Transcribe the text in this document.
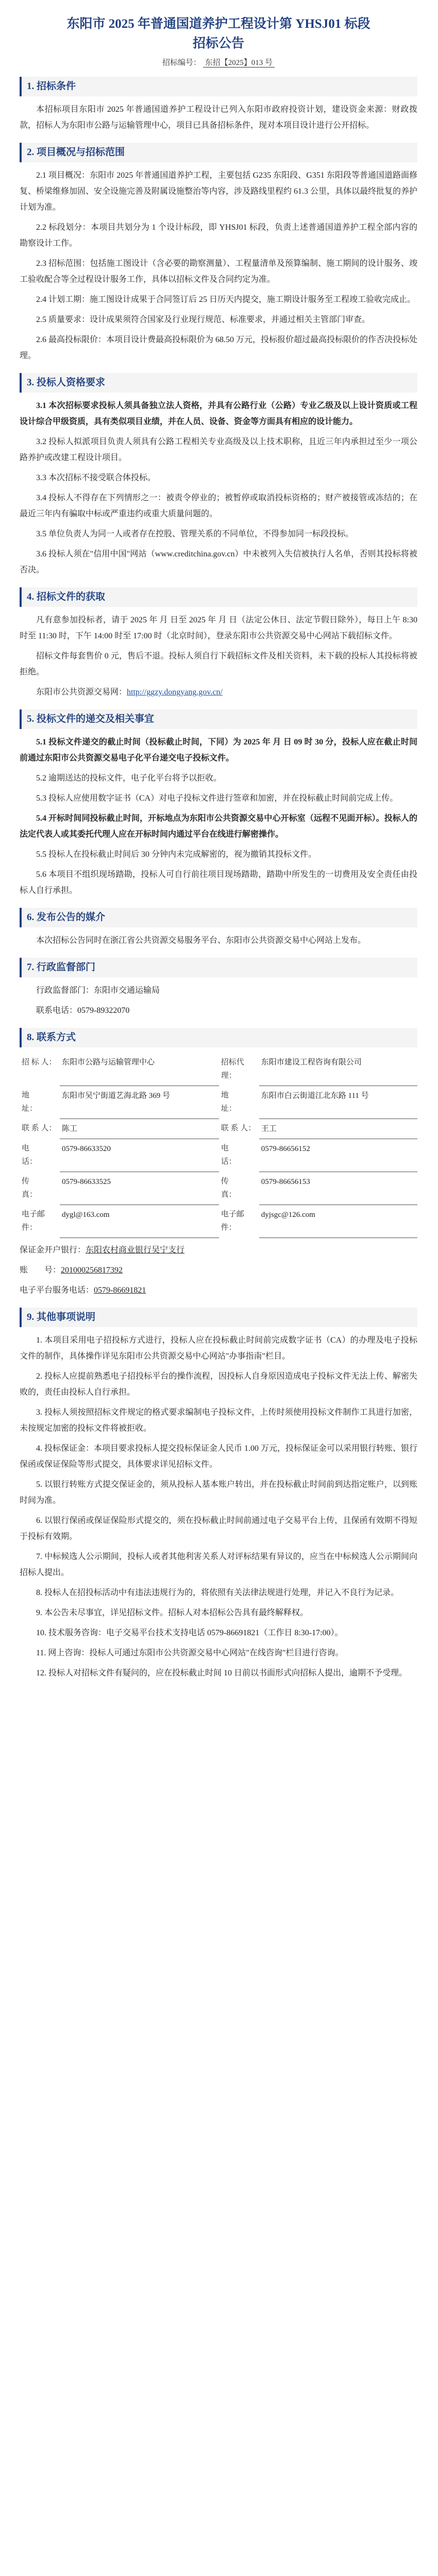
东阳市 2025 年普通国道养护工程设计第 YHSJ01 标段
招标公告
招标编号： 东招【2025】013 号
1. 招标条件

本招标项目东阳市 2025 年普通国道养护工程设计已列入东阳市政府投资计划，建设资金来源：财政拨款，招标人为东阳市公路与运输管理中心，项目已具备招标条件，现对本项目设计进行公开招标。

2. 项目概况与招标范围

2.1 项目概况：东阳市 2025 年普通国道养护工程，主要包括 G235 东阳段、G351 东阳段等普通国道路面修复、桥梁维修加固、安全设施完善及附属设施整治等内容，涉及路线里程约 61.3 公里，具体以最终批复的养护计划为准。

2.2 标段划分：本项目共划分为 1 个设计标段，即 YHSJ01 标段，负责上述普通国道养护工程全部内容的勘察设计工作。

2.3 招标范围：包括施工图设计（含必要的勘察测量）、工程量清单及预算编制、施工期间的设计服务、竣工验收配合等全过程设计服务工作，具体以招标文件及合同约定为准。

2.4 计划工期：施工图设计成果于合同签订后 25 日历天内提交，施工期设计服务至工程竣工验收完成止。

2.5 质量要求：设计成果须符合国家及行业现行规范、标准要求，并通过相关主管部门审查。

2.6 最高投标限价：本项目设计费最高投标限价为 68.50 万元，投标报价超过最高投标限价的作否决投标处理。

3. 投标人资格要求

3.1 本次招标要求投标人须具备独立法人资格，并具有公路行业（公路）专业乙级及以上设计资质或工程设计综合甲级资质，具有类似项目业绩，并在人员、设备、资金等方面具有相应的设计能力。

3.2 投标人拟派项目负责人须具有公路工程相关专业高级及以上技术职称，且近三年内承担过至少一项公路养护或改建工程设计项目。

3.3 本次招标不接受联合体投标。

3.4 投标人不得存在下列情形之一：被责令停业的；被暂停或取消投标资格的；财产被接管或冻结的；在最近三年内有骗取中标或严重违约或重大质量问题的。

3.5 单位负责人为同一人或者存在控股、管理关系的不同单位，不得参加同一标段投标。

3.6 投标人须在"信用中国"网站（www.creditchina.gov.cn）中未被列入失信被执行人名单，否则其投标将被否决。

4. 招标文件的获取

凡有意参加投标者，请于 2025 年 月 日至 2025 年 月 日（法定公休日、法定节假日除外），每日上午 8:30 时至 11:30 时，下午 14:00 时至 17:00 时（北京时间），登录东阳市公共资源交易中心网站下载招标文件。

招标文件每套售价 0 元，售后不退。投标人须自行下载招标文件及相关资料，未下载的投标人其投标将被拒绝。

东阳市公共资源交易网：http://ggzy.dongyang.gov.cn/

5. 投标文件的递交及相关事宜

5.1 投标文件递交的截止时间（投标截止时间，下同）为 2025 年 月 日 09 时 30 分，投标人应在截止时间前通过东阳市公共资源交易电子化平台递交电子投标文件。

5.2 逾期送达的投标文件，电子化平台将予以拒收。

5.3 投标人应使用数字证书（CA）对电子投标文件进行签章和加密，并在投标截止时间前完成上传。

5.4 开标时间同投标截止时间，开标地点为东阳市公共资源交易中心开标室（远程不见面开标）。投标人的法定代表人或其委托代理人应在开标时间内通过平台在线进行解密操作。

5.5 投标人在投标截止时间后 30 分钟内未完成解密的，视为撤销其投标文件。

5.6 本项目不组织现场踏勘，投标人可自行前往项目现场踏勘，踏勘中所发生的一切费用及安全责任由投标人自行承担。

6. 发布公告的媒介

本次招标公告同时在浙江省公共资源交易服务平台、东阳市公共资源交易中心网站上发布。

7. 行政监督部门

行政监督部门：东阳市交通运输局

联系电话：0579-89322070

8. 联系方式
招 标 人：	东阳市公路与运输管理中心	招标代理：	东阳市建设工程咨询有限公司
地　　址：	东阳市吴宁街道艺海北路 369 号	地　　址：	东阳市白云街道江北东路 111 号
联 系 人：	陈工	联 系 人：	王工
电　　话：	0579-86633520	电　　话：	0579-86656152
传　　真：	0579-86633525	传　　真：	0579-86656153
电子邮件：	dygl@163.com	电子邮件：	dyjsgc@126.com

保证金开户银行：东阳农村商业银行吴宁支行

账　　号：201000256817392

电子平台服务电话：0579-86691821

9. 其他事项说明

1. 本项目采用电子招投标方式进行，投标人应在投标截止时间前完成数字证书（CA）的办理及电子投标文件的制作，具体操作详见东阳市公共资源交易中心网站"办事指南"栏目。

2. 投标人应提前熟悉电子招投标平台的操作流程，因投标人自身原因造成电子投标文件无法上传、解密失败的，责任由投标人自行承担。

3. 投标人须按照招标文件规定的格式要求编制电子投标文件，上传时须使用投标文件制作工具进行加密，未按规定加密的投标文件将被拒收。

4. 投标保证金：本项目要求投标人提交投标保证金人民币 1.00 万元，投标保证金可以采用银行转账、银行保函或保证保险等形式提交，具体要求详见招标文件。

5. 以银行转账方式提交保证金的，须从投标人基本账户转出，并在投标截止时间前到达指定账户，以到账时间为准。

6. 以银行保函或保证保险形式提交的，须在投标截止时间前通过电子交易平台上传，且保函有效期不得短于投标有效期。

7. 中标候选人公示期间，投标人或者其他利害关系人对评标结果有异议的，应当在中标候选人公示期间向招标人提出。

8. 投标人在招投标活动中有违法违规行为的，将依照有关法律法规进行处理，并记入不良行为记录。

9. 本公告未尽事宜，详见招标文件。招标人对本招标公告具有最终解释权。

10. 技术服务咨询：电子交易平台技术支持电话 0579-86691821（工作日 8:30-17:00）。

11. 网上咨询：投标人可通过东阳市公共资源交易中心网站"在线咨询"栏目进行咨询。

12. 投标人对招标文件有疑问的，应在投标截止时间 10 日前以书面形式向招标人提出，逾期不予受理。
